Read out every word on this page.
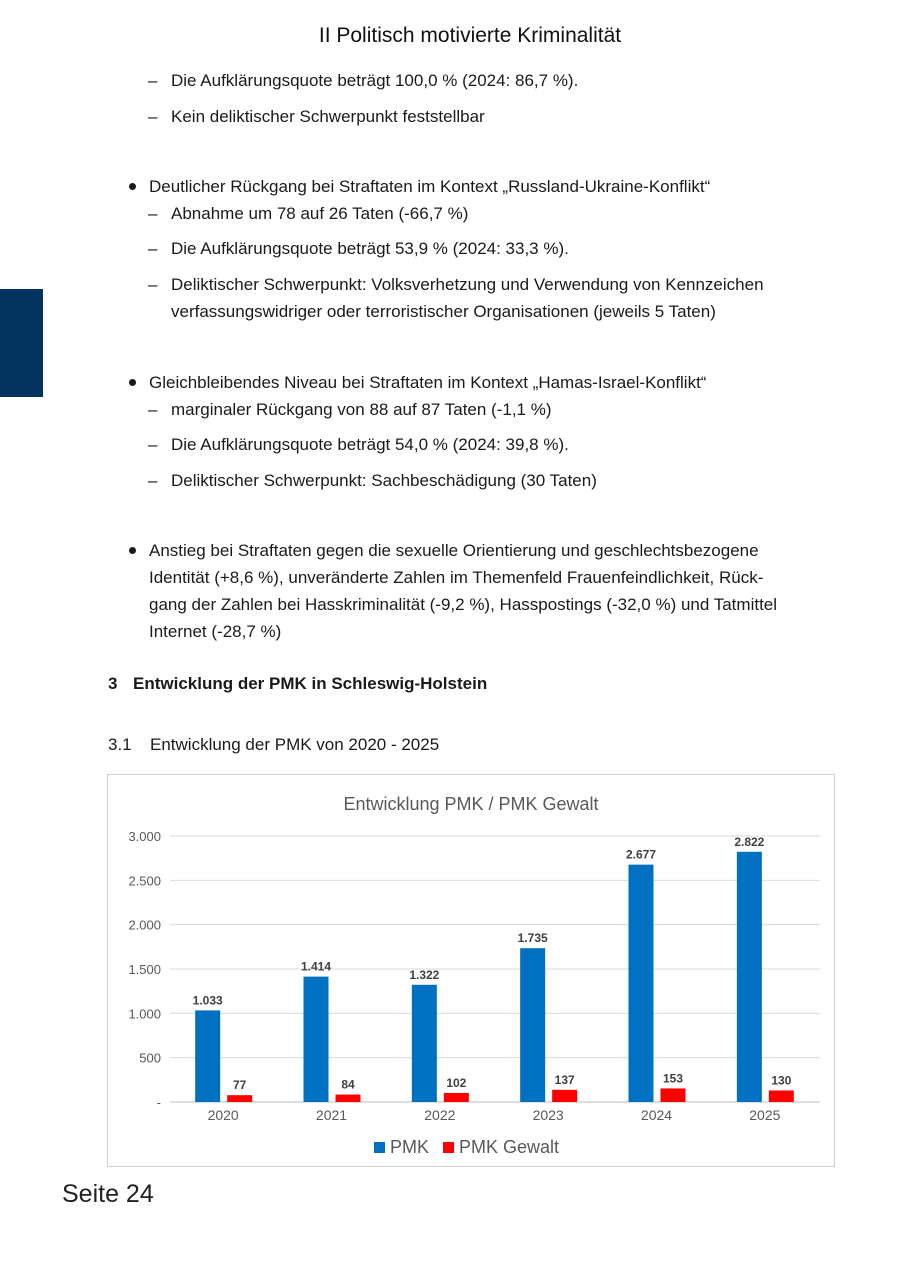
II Politisch motivierte Kriminalität
– Die Aufklärungsquote beträgt 100,0 % (2024: 86,7 %).
– Kein deliktischer Schwerpunkt feststellbar
Deutlicher Rückgang bei Straftaten im Kontext „Russland-Ukraine-Konflikt“
– Abnahme um 78 auf 26 Taten (-66,7 %)
– Die Aufklärungsquote beträgt 53,9 % (2024: 33,3 %).
– Deliktischer Schwerpunkt: Volksverhetzung und Verwendung von Kennzeichen
verfassungswidriger oder terroristischer Organisationen (jeweils 5 Taten)
Gleichbleibendes Niveau bei Straftaten im Kontext „Hamas-Israel-Konflikt“
– marginaler Rückgang von 88 auf 87 Taten (-1,1 %)
– Die Aufklärungsquote beträgt 54,0 % (2024: 39,8 %).
– Deliktischer Schwerpunkt: Sachbeschädigung (30 Taten)
Anstieg bei Straftaten gegen die sexuelle Orientierung und geschlechtsbezogene
Identität (+8,6 %), unveränderte Zahlen im Themenfeld Frauenfeindlichkeit, Rück-
gang der Zahlen bei Hasskriminalität (-9,2 %), Hasspostings (-32,0 %) und Tatmittel
Internet (-28,7 %)
3 Entwicklung der PMK in Schleswig-Holstein
3.1 Entwicklung der PMK von 2020 - 2025
Entwicklung PMK / PMK Gewalt
-
500
1.000
1.500
2.000
2.500
3.000
1.033
77
2020
1.414
84
2021
1.322
102
2022
1.735
137
2023
2.677
153
2024
2.822
130
2025
PMK PMK Gewalt
Seite 24
